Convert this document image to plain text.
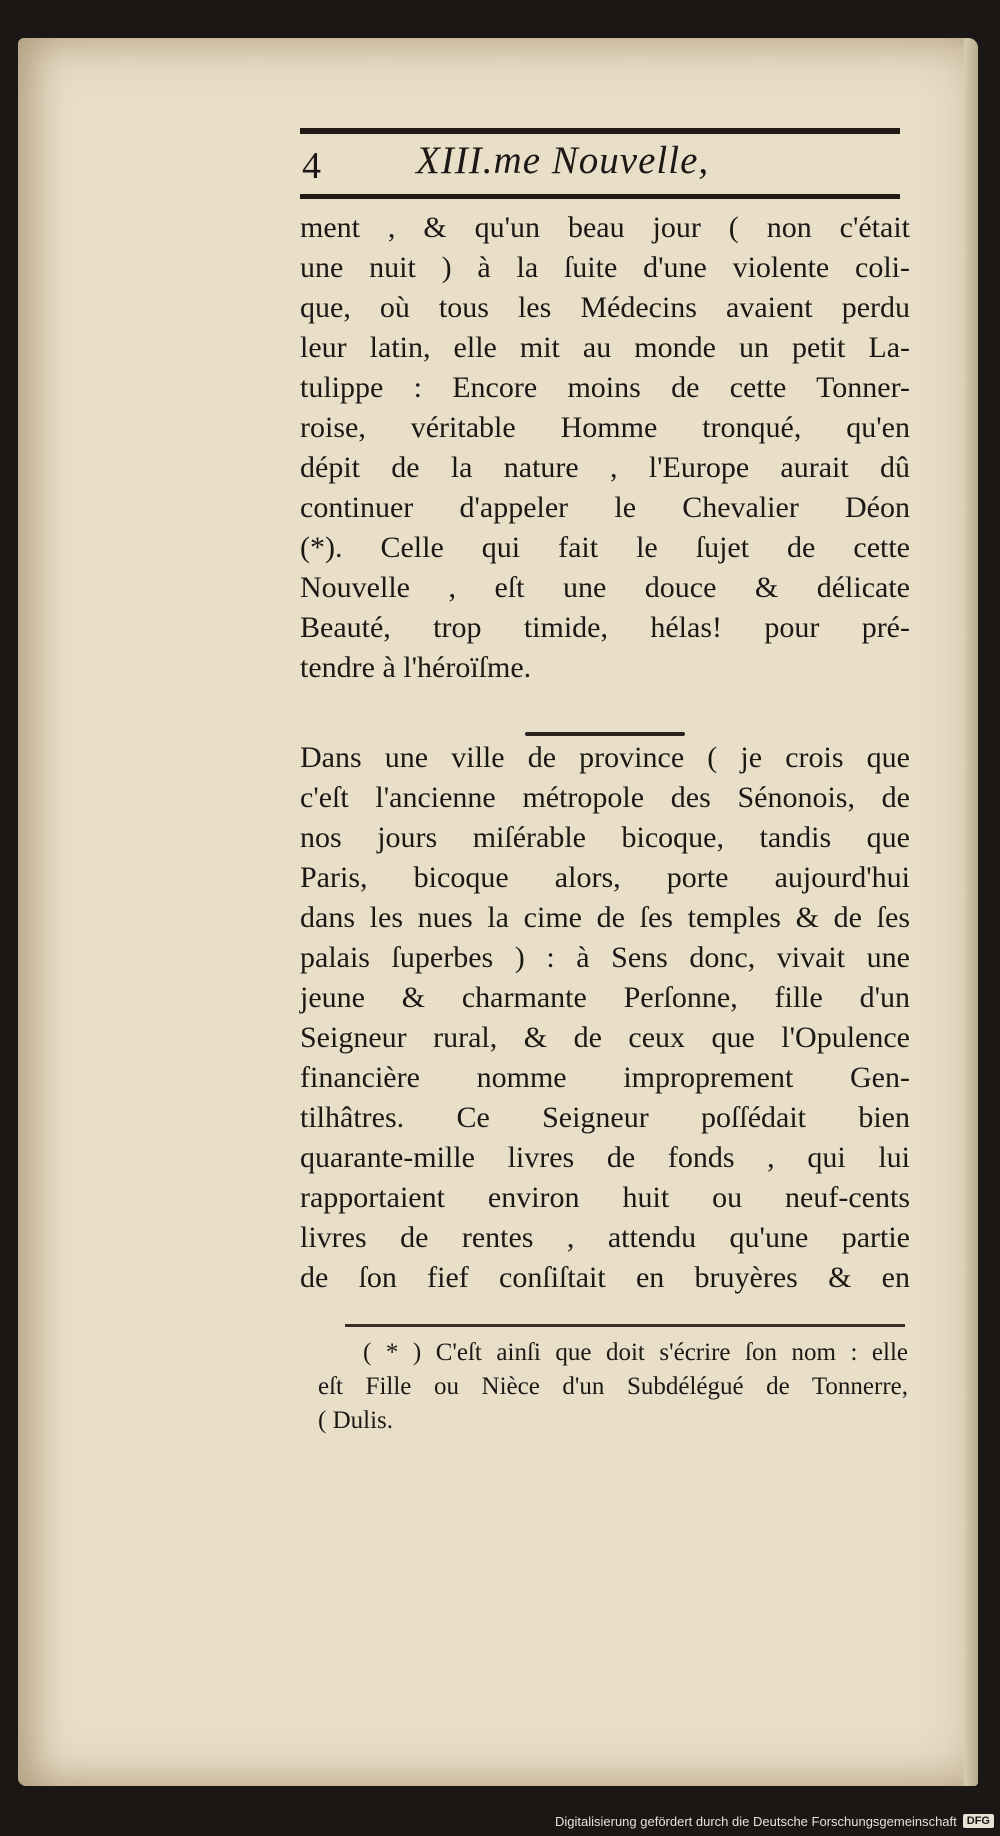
4 XIII.me Nouvelle,
ment , & qu'un beau jour ( non c'était
une nuit ) à la ſuite d'une violente coli-
que, où tous les Médecins avaient perdu
leur latin, elle mit au monde un petit La-
tulippe : Encore moins de cette Tonner-
roise, véritable Homme tronqué, qu'en
dépit de la nature , l'Europe aurait dû
continuer d'appeler le Chevalier Déon
(*). Celle qui fait le ſujet de cette
Nouvelle , eſt une douce & délicate
Beauté, trop timide, hélas! pour pré-
tendre à l'héroïſme.
Dans une ville de province ( je crois que
c'eſt l'ancienne métropole des Sénonois, de
nos jours miſérable bicoque, tandis que
Paris, bicoque alors, porte aujourd'hui
dans les nues la cime de ſes temples & de ſes
palais ſuperbes ) : à Sens donc, vivait une
jeune & charmante Perſonne, fille d'un
Seigneur rural, & de ceux que l'Opulence
financière nomme improprement Gen-
tilhâtres. Ce Seigneur poſſédait bien
quarante-mille livres de fonds , qui lui
rapportaient environ huit ou neuf-cents
livres de rentes , attendu qu'une partie
de ſon fief conſiſtait en bruyères & en
( * ) C'eſt ainſi que doit s'écrire ſon nom : elle
eſt Fille ou Nièce d'un Subdélégué de Tonnerre,
( Dulis.
Digitalisierung gefördert durch die Deutsche Forschungsgemeinschaft DFG
